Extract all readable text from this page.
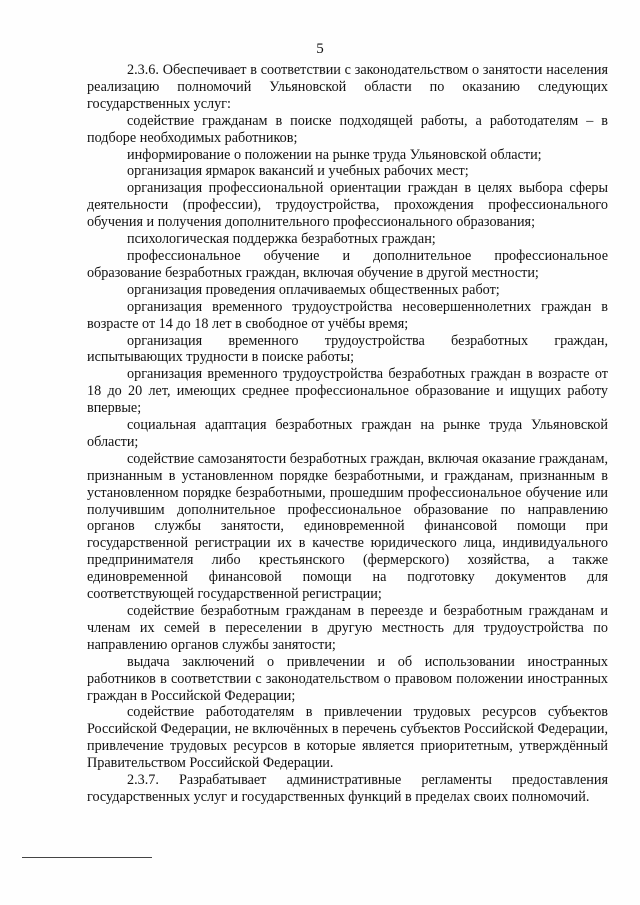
5

2.3.6. Обеспечивает в соответствии с законодательством о занятости населения реализацию полномочий Ульяновской области по оказанию следующих государственных услуг:

содействие гражданам в поиске подходящей работы, а работодателям – в подборе необходимых работников;

информирование о положении на рынке труда Ульяновской области;

организация ярмарок вакансий и учебных рабочих мест;

организация профессиональной ориентации граждан в целях выбора сферы деятельности (профессии), трудоустройства, прохождения профессионального обучения и получения дополнительного профессионального образования;

психологическая поддержка безработных граждан;

профессиональное обучение и дополнительное профессиональное образование безработных граждан, включая обучение в другой местности;

организация проведения оплачиваемых общественных работ;

организация временного трудоустройства несовершеннолетних граждан в возрасте от 14 до 18 лет в свободное от учёбы время;

организация временного трудоустройства безработных граждан, испытывающих трудности в поиске работы;

организация временного трудоустройства безработных граждан в возрасте от 18 до 20 лет, имеющих среднее профессиональное образование и ищущих работу впервые;

социальная адаптация безработных граждан на рынке труда Ульяновской области;

содействие самозанятости безработных граждан, включая оказание гражданам, признанным в установленном порядке безработными, и гражданам, признанным в установленном порядке безработными, прошедшим профессиональное обучение или получившим дополнительное профессиональное образование по направлению органов службы занятости, единовременной финансовой помощи при государственной регистрации их в качестве юридического лица, индивидуального предпринимателя либо крестьянского (фермерского) хозяйства, а также единовременной финансовой помощи на подготовку документов для соответствующей государственной регистрации;

содействие безработным гражданам в переезде и безработным гражданам и членам их семей в переселении в другую местность для трудоустройства по направлению органов службы занятости;

выдача заключений о привлечении и об использовании иностранных работников в соответствии с законодательством о правовом положении иностранных граждан в Российской Федерации;

содействие работодателям в привлечении трудовых ресурсов субъектов Российской Федерации, не включённых в перечень субъектов Российской Федерации, привлечение трудовых ресурсов в которые является приоритетным, утверждённый Правительством Российской Федерации.

2.3.7. Разрабатывает административные регламенты предоставления государственных услуг и государственных функций в пределах своих полномочий.
